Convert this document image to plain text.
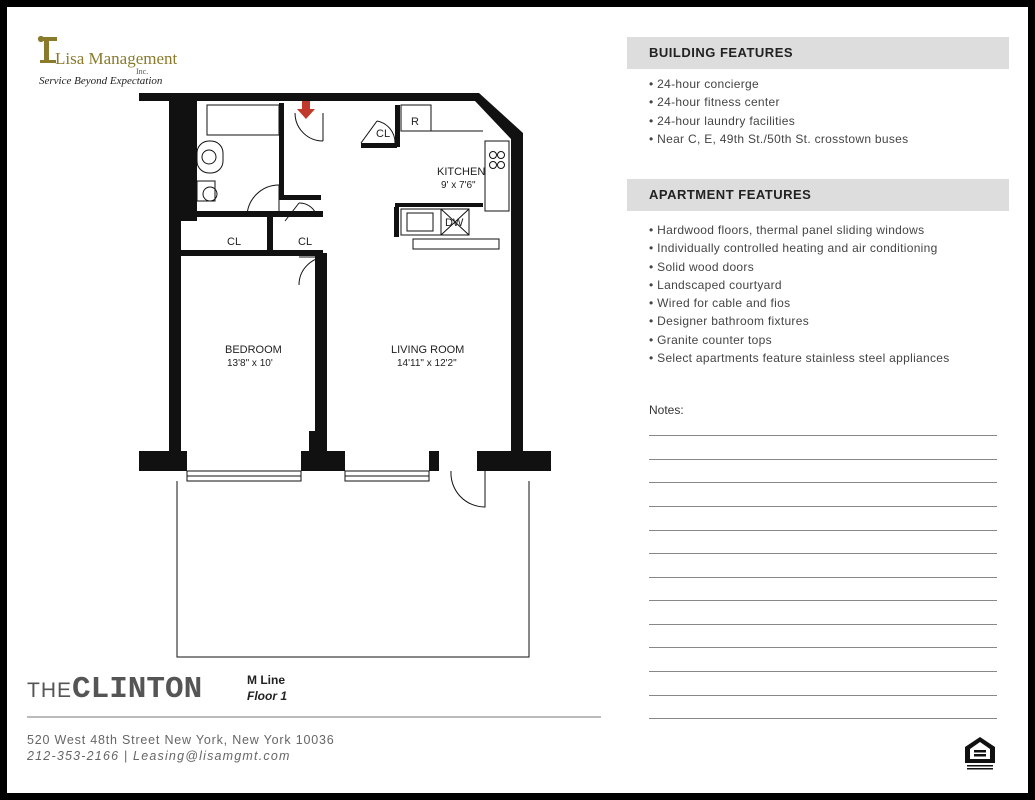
Lisa Management
Inc.
Service Beyond Expectation
KITCHEN
9' x 7'6"
BEDROOM
13'8" x 10'
LIVING ROOM
14'11" x 12'2"
CL
CL	CL
R
DW
BUILDING FEATURES
• 24-hour concierge
• 24-hour fitness center
• 24-hour laundry facilities
• Near C, E, 49th St./50th St. crosstown buses
APARTMENT FEATURES
• Hardwood floors, thermal panel sliding windows
• Individually controlled heating and air conditioning
• Solid wood doors
• Landscaped courtyard
• Wired for cable and fios
• Designer bathroom fixtures
• Granite counter tops
• Select apartments feature stainless steel appliances
Notes:
THECLINTON	M Line
Floor 1
520 West 48th Street New York, New York 10036
212-353-2166 | Leasing@lisamgmt.com
